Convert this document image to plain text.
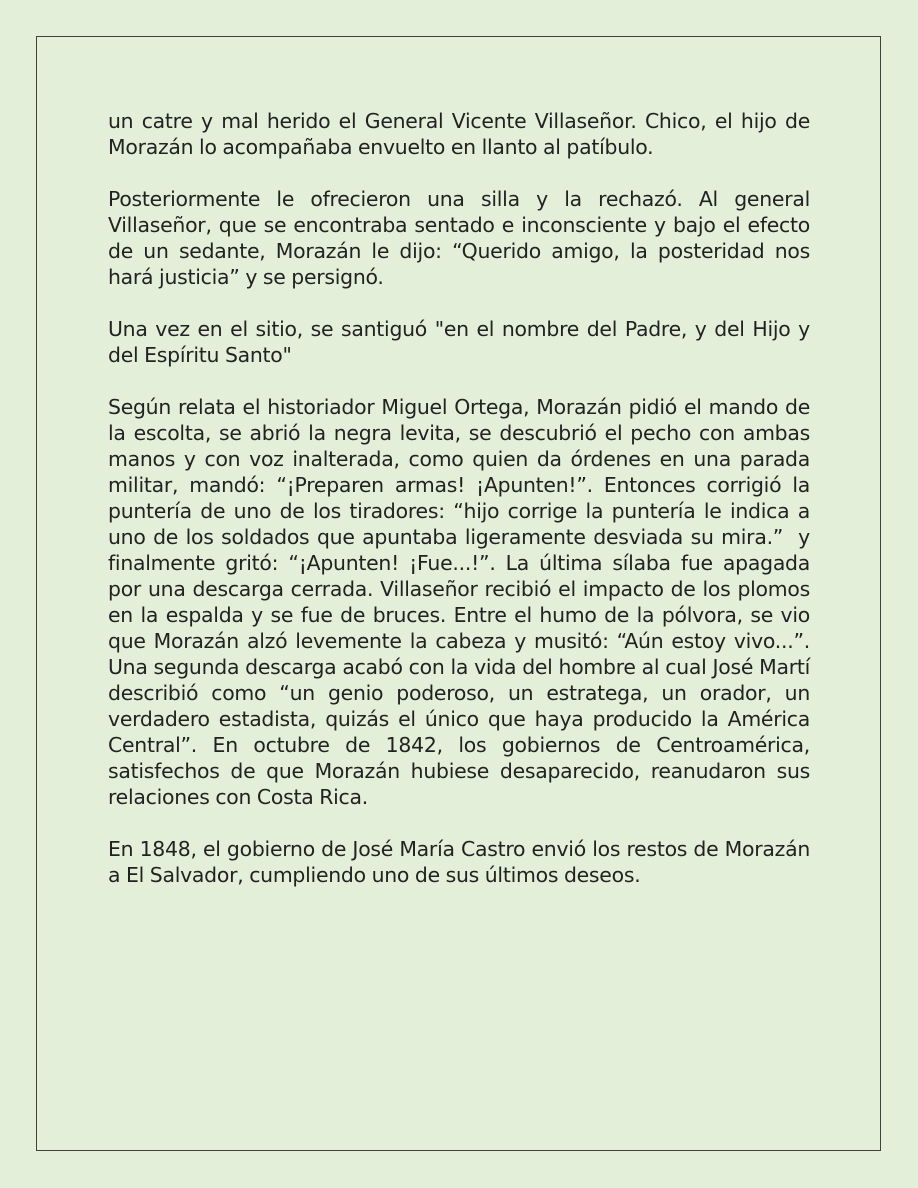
un catre y mal herido el General Vicente Villaseñor. Chico, el hijo de Morazán lo acompañaba envuelto en llanto al patíbulo.

Posteriormente le ofrecieron una silla y la rechazó. Al general Villaseñor, que se encontraba sentado e inconsciente y bajo el efecto de un sedante, Morazán le dijo: “Querido amigo, la posteridad nos hará justicia” y se persignó.

Una vez en el sitio, se santiguó "en el nombre del Padre, y del Hijo y del Espíritu Santo"

Según relata el historiador Miguel Ortega, Morazán pidió el mando de la escolta, se abrió la negra levita, se descubrió el pecho con ambas manos y con voz inalterada, como quien da órdenes en una parada militar, mandó: “¡Preparen armas! ¡Apunten!”. Entonces corrigió la puntería de uno de los tiradores: “hijo corrige la puntería le indica a uno de los soldados que apuntaba ligeramente desviada su mira.”  y finalmente gritó: “¡Apunten! ¡Fue...!”. La última sílaba fue apagada por una descarga cerrada. Villaseñor recibió el impacto de los plomos en la espalda y se fue de bruces. Entre el humo de la pólvora, se vio que Morazán alzó levemente la cabeza y musitó: “Aún estoy vivo...”. Una segunda descarga acabó con la vida del hombre al cual José Martí describió como “un genio poderoso, un estratega, un orador, un verdadero estadista, quizás el único que haya producido la América Central”. En octubre de 1842, los gobiernos de Centroamérica, satisfechos de que Morazán hubiese desaparecido, reanudaron sus relaciones con Costa Rica.

En 1848, el gobierno de José María Castro envió los restos de Morazán a El Salvador, cumpliendo uno de sus últimos deseos.
